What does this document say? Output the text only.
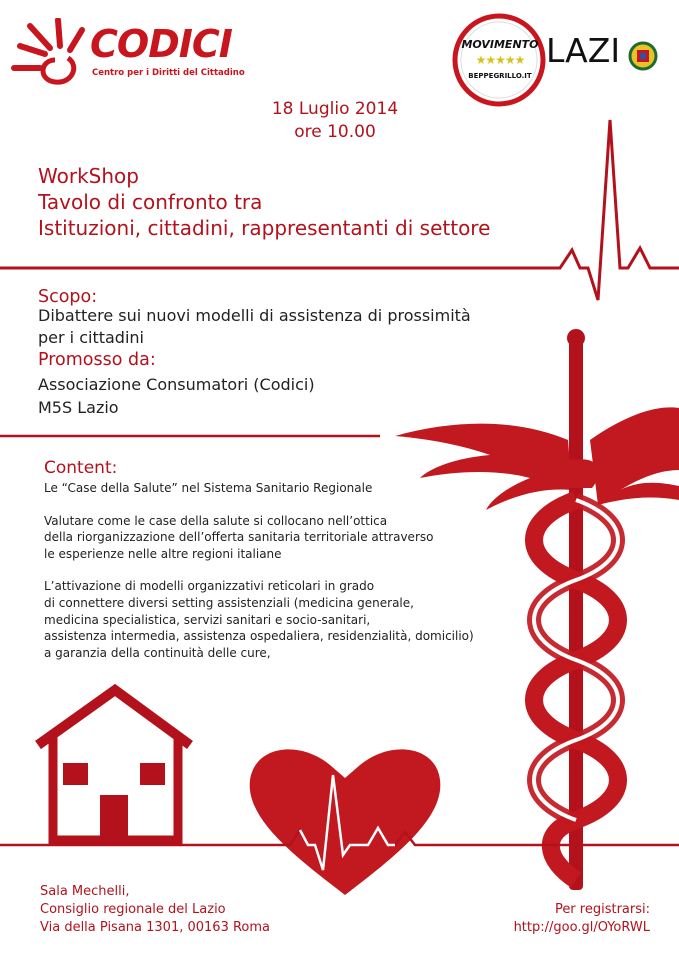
CODICI
Centro per i Diritti del Cittadino
MOVIMENTO
★★★★★
BEPPEGRILLO.IT
LAZI
18 Luglio 2014
ore 10.00
WorkShop
Tavolo di confronto tra
Istituzioni, cittadini, rappresentanti di settore
Scopo:
Dibattere sui nuovi modelli di assistenza di prossimità per i cittadini
Promosso da:
Associazione Consumatori (Codici)
M5S Lazio
Content:

Le “Case della Salute” nel Sistema Sanitario Regionale

Valutare come le case della salute si collocano nell’ottica
della riorganizzazione dell’offerta sanitaria territoriale attraverso
le esperienze nelle altre regioni italiane

L’attivazione di modelli organizzativi reticolari in grado
di connettere diversi setting assistenziali (medicina generale,
medicina specialistica, servizi sanitari e socio-sanitari,
assistenza intermedia, assistenza ospedaliera, residenzialità, domicilio)
a garanzia della continuità delle cure,

Sala Mechelli,
Consiglio regionale del Lazio
Via della Pisana 1301, 00163 Roma
Per registrarsi:
http://goo.gl/OYoRWL
